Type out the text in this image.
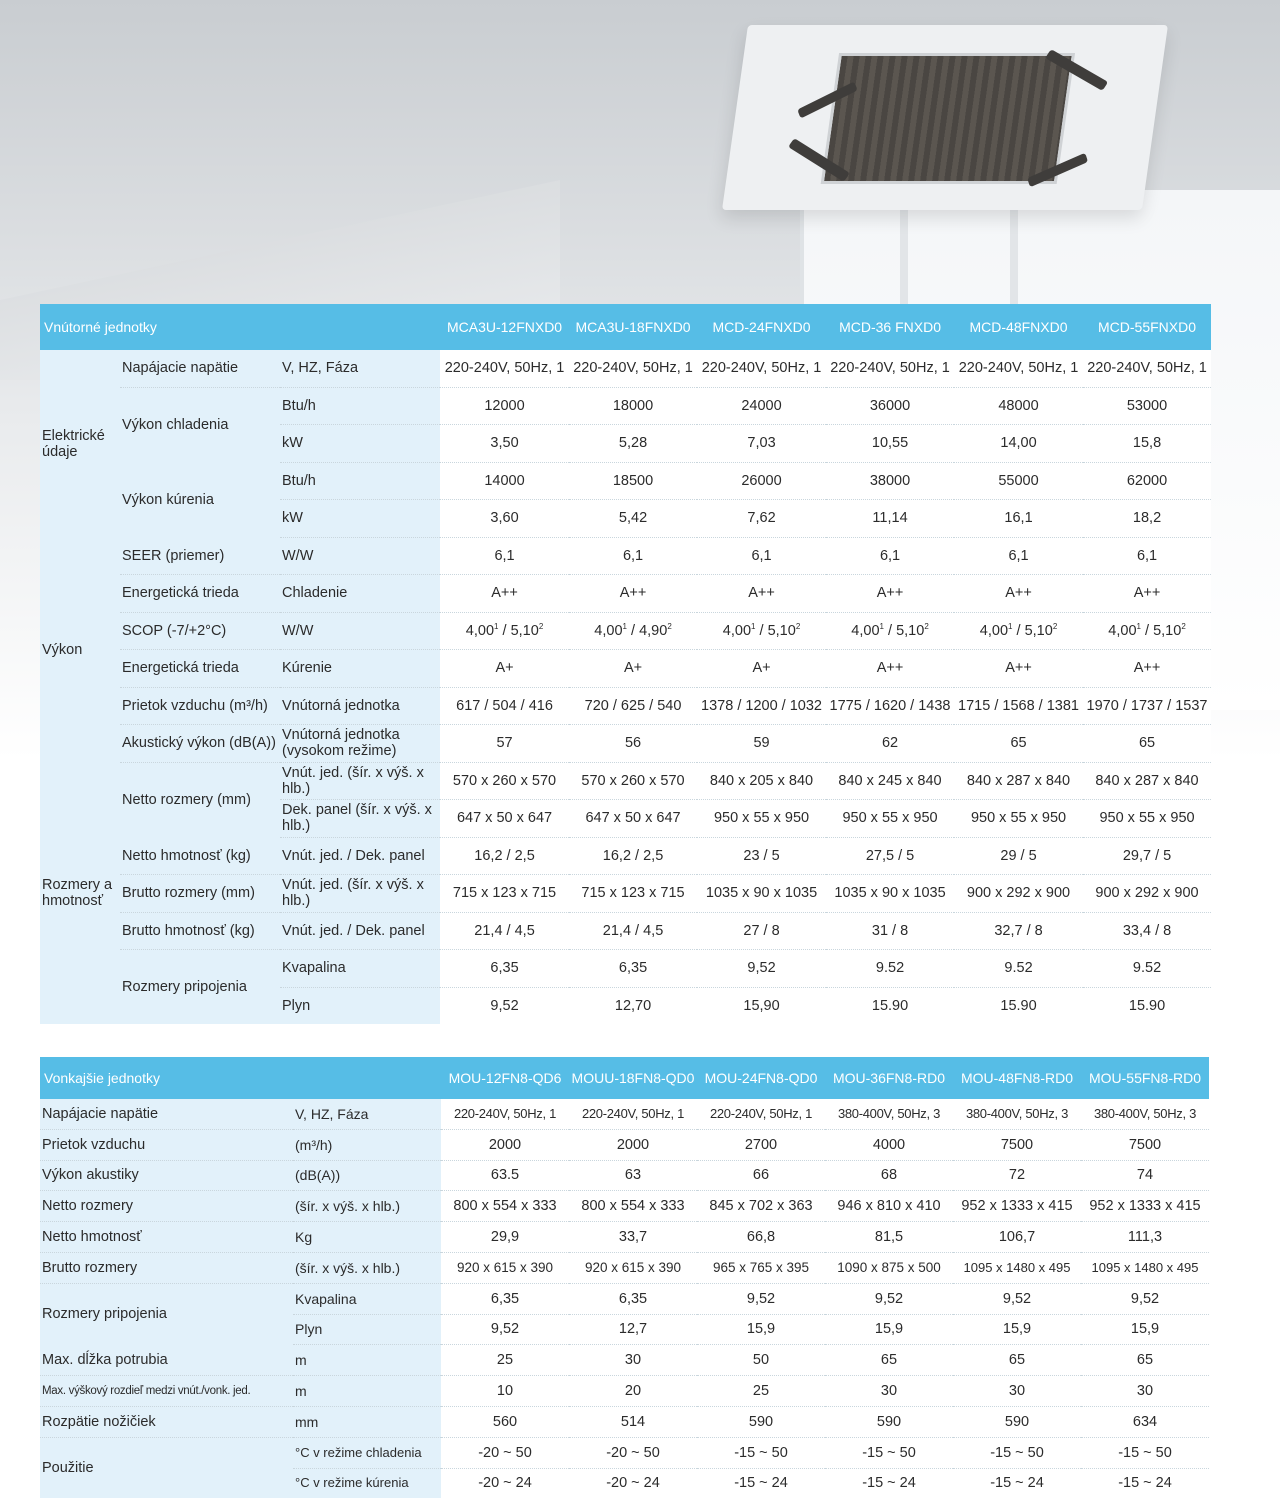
Vnútorné jednotky			MCA3U-12FNXD0	MCA3U-18FNXD0	MCD-24FNXD0	MCD-36 FNXD0	MCD-48FNXD0	MCD-55FNXD0
Elektrické údaje	Napájacie napätie	V, HZ, Fáza	220-240V, 50Hz, 1	220-240V, 50Hz, 1	220-240V, 50Hz, 1	220-240V, 50Hz, 1	220-240V, 50Hz, 1	220-240V, 50Hz, 1
	Výkon chladenia	Btu/h	12000	18000	24000	36000	48000	53000
		kW	3,50	5,28	7,03	10,55	14,00	15,8
	Výkon kúrenia	Btu/h	14000	18500	26000	38000	55000	62000
		kW	3,60	5,42	7,62	11,14	16,1	18,2
Výkon	SEER (priemer)	W/W	6,1	6,1	6,1	6,1	6,1	6,1
	Energetická trieda	Chladenie	A++	A++	A++	A++	A++	A++
	SCOP (-7/+2°C)	W/W	4,00$^1$ / 5,10$^2$	4,00$^1$ / 4,90$^2$	4,00$^1$ / 5,10$^2$	4,00$^1$ / 5,10$^2$	4,00$^1$ / 5,10$^2$	4,00$^1$ / 5,10$^2$
	Energetická trieda	Kúrenie	A+	A+	A+	A++	A++	A++
	Prietok vzduchu (m³/h)	Vnútorná jednotka	617 / 504 / 416	720 / 625 / 540	1378 / 1200 / 1032	1775 / 1620 / 1438	1715 / 1568 / 1381	1970 / 1737 / 1537
	Akustický výkon (dB(A))	Vnútorná jednotka (vysokom režime)	57	56	59	62	65	65
Rozmery a hmotnosť	Netto rozmery (mm)	Vnút. jed. (šír. x výš. x hlb.)	570 x 260 x 570	570 x 260 x 570	840 x 205 x 840	840 x 245 x 840	840 x 287 x 840	840 x 287 x 840
		Dek. panel (šír. x výš. x hlb.)	647 x 50 x 647	647 x 50 x 647	950 x 55 x 950	950 x 55 x 950	950 x 55 x 950	950 x 55 x 950
	Netto hmotnosť (kg)	Vnút. jed. / Dek. panel	16,2 / 2,5	16,2 / 2,5	23 / 5	27,5 / 5	29 / 5	29,7 / 5
	Brutto rozmery (mm)	Vnút. jed. (šír. x výš. x hlb.)	715 x 123 x 715	715 x 123 x 715	1035 x 90 x 1035	1035 x 90 x 1035	900 x 292 x 900	900 x 292 x 900
	Brutto hmotnosť (kg)	Vnút. jed. / Dek. panel	21,4 / 4,5	21,4 / 4,5	27 / 8	31 / 8	32,7 / 8	33,4 / 8
	Rozmery pripojenia	Kvapalina	6,35	6,35	9,52	9.52	9.52	9.52
		Plyn	9,52	12,70	15,90	15.90	15.90	15.90
Vonkajšie jednotky		MOU-12FN8-QD6	MOUU-18FN8-QD0	MOU-24FN8-QD0	MOU-36FN8-RD0	MOU-48FN8-RD0	MOU-55FN8-RD0
Napájacie napätie	V, HZ, Fáza	220-240V, 50Hz, 1	220-240V, 50Hz, 1	220-240V, 50Hz, 1	380-400V, 50Hz, 3	380-400V, 50Hz, 3	380-400V, 50Hz, 3
Prietok vzduchu	(m³/h)	2000	2000	2700	4000	7500	7500
Výkon akustiky	(dB(A))	63.5	63	66	68	72	74
Netto rozmery	(šír. x výš. x hlb.)	800 x 554 x 333	800 x 554 x 333	845 x 702 x 363	946 x 810 x 410	952 x 1333 x 415	952 x 1333 x 415
Netto hmotnosť	Kg	29,9	33,7	66,8	81,5	106,7	111,3
Brutto rozmery	(šír. x výš. x hlb.)	920 x 615 x 390	920 x 615 x 390	965 x 765 x 395	1090 x 875 x 500	1095 x 1480 x 495	1095 x 1480 x 495
Rozmery pripojenia	Kvapalina	6,35	6,35	9,52	9,52	9,52	9,52
	Plyn	9,52	12,7	15,9	15,9	15,9	15,9
Max. dĺžka potrubia	m	25	30	50	65	65	65
Max. výškový rozdieľ medzi vnút./vonk. jed.	m	10	20	25	30	30	30
Rozpätie nožičiek	mm	560	514	590	590	590	634
Použitie	°C v režime chladenia	-20 ~ 50	-20 ~ 50	-15 ~ 50	-15 ~ 50	-15 ~ 50	-15 ~ 50
	°C v režime kúrenia	-20 ~ 24	-20 ~ 24	-15 ~ 24	-15 ~ 24	-15 ~ 24	-15 ~ 24
